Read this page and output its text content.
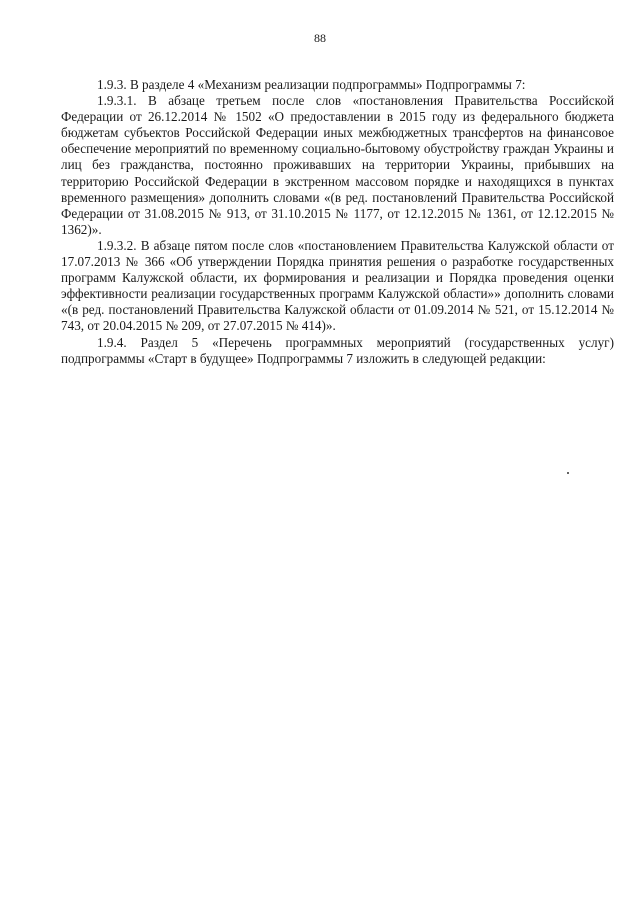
88

1.9.3. В разделе 4 «Механизм реализации подпрограммы» Подпрограммы 7:

1.9.3.1. В абзаце третьем после слов «постановления Правительства Российской Федерации от 26.12.2014 № 1502 «О предоставлении в 2015 году из федерального бюджета бюджетам субъектов Российской Федерации иных межбюджетных трансфертов на финансовое обеспечение мероприятий по временному социально-бытовому обустройству граждан Украины и лиц без гражданства, постоянно проживавших на территории Украины, прибывших на территорию Российской Федерации в экстренном массовом порядке и находящихся в пунктах временного размещения» дополнить словами «(в ред. постановлений Правительства Российской Федерации от 31.08.2015 № 913, от 31.10.2015 № 1177, от 12.12.2015 № 1361, от 12.12.2015 № 1362)».

1.9.3.2. В абзаце пятом после слов «постановлением Правительства Калужской области от 17.07.2013 № 366 «Об утверждении Порядка принятия решения о разработке государственных программ Калужской области, их формирования и реализации и Порядка проведения оценки эффективности реализации государственных программ Калужской области»» дополнить словами «(в ред. постановлений Правительства Калужской области от 01.09.2014 № 521, от 15.12.2014 № 743, от 20.04.2015 № 209, от 27.07.2015 № 414)».

1.9.4. Раздел 5 «Перечень программных мероприятий (государственных услуг) подпрограммы «Старт в будущее» Подпрограммы 7 изложить в следующей редакции:
